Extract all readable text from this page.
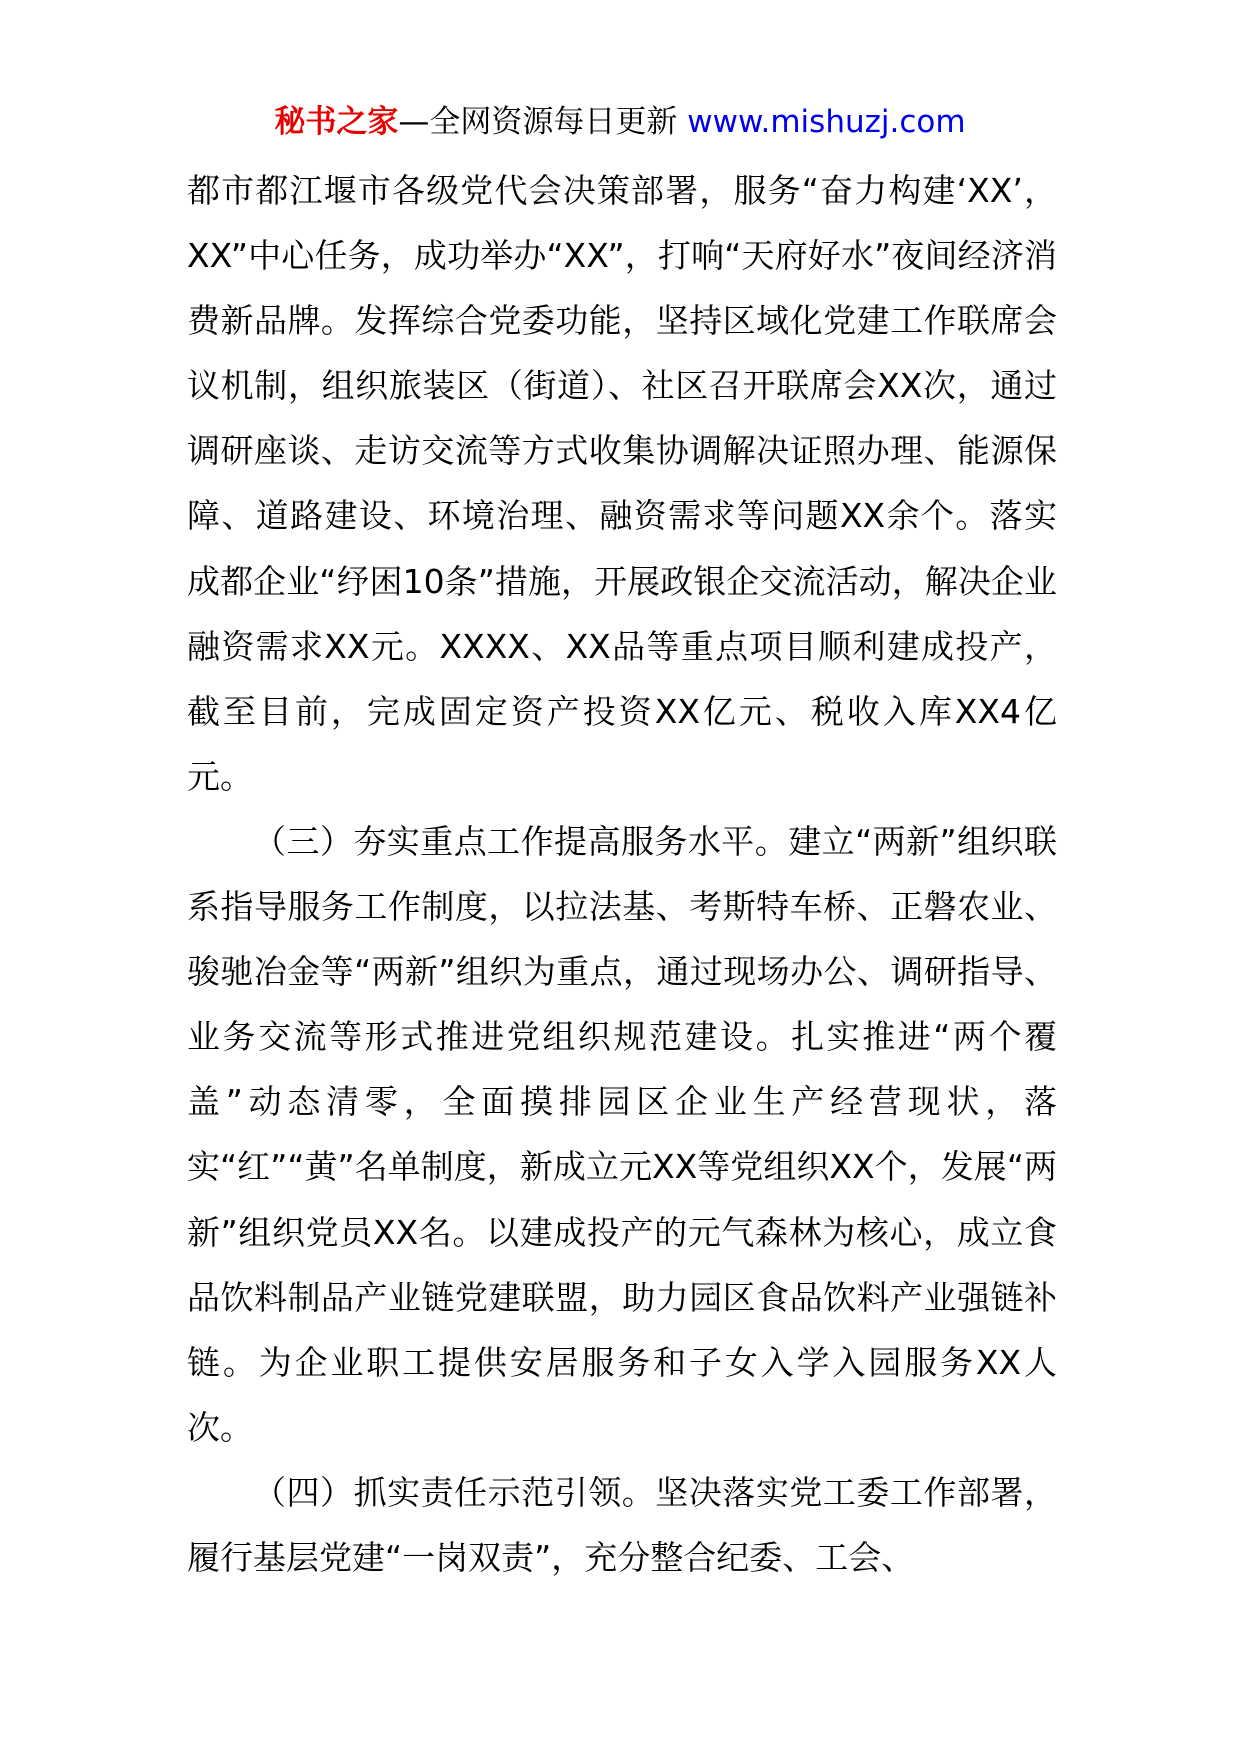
秘书之家—全网资源每日更新 www.mishuzj.com

都市都江堰市各级党代会决策部署，服务“奋力构建‘XX’，XX”中心任务，成功举办“XX”，打响“天府好水”夜间经济消费新品牌。发挥综合党委功能，坚持区域化党建工作联席会议机制，组织旅装区（街道）、社区召开联席会XX次，通过调研座谈、走访交流等方式收集协调解决证照办理、能源保障、道路建设、环境治理、融资需求等问题XX余个。落实成都企业“纾困10条”措施，开展政银企交流活动，解决企业融资需求XX元。XXXX、XX品等重点项目顺利建成投产，截至目前，完成固定资产投资XX亿元、税收入库XX4亿元。

（三）夯实重点工作提高服务水平。建立“两新”组织联系指导服务工作制度，以拉法基、考斯特车桥、正磐农业、骏驰冶金等“两新”组织为重点，通过现场办公、调研指导、业务交流等形式推进党组织规范建设。扎实推进“两个覆盖”动态清零，全面摸排园区企业生产经营现状，落实“红”“黄”名单制度，新成立元XX等党组织XX个，发展“两新”组织党员XX名。以建成投产的元气森林为核心，成立食品饮料制品产业链党建联盟，助力园区食品饮料产业强链补链。为企业职工提供安居服务和子女入学入园服务XX人次。

（四）抓实责任示范引领。坚决落实党工委工作部署，履行基层党建“一岗双责”，充分整合纪委、工会、
